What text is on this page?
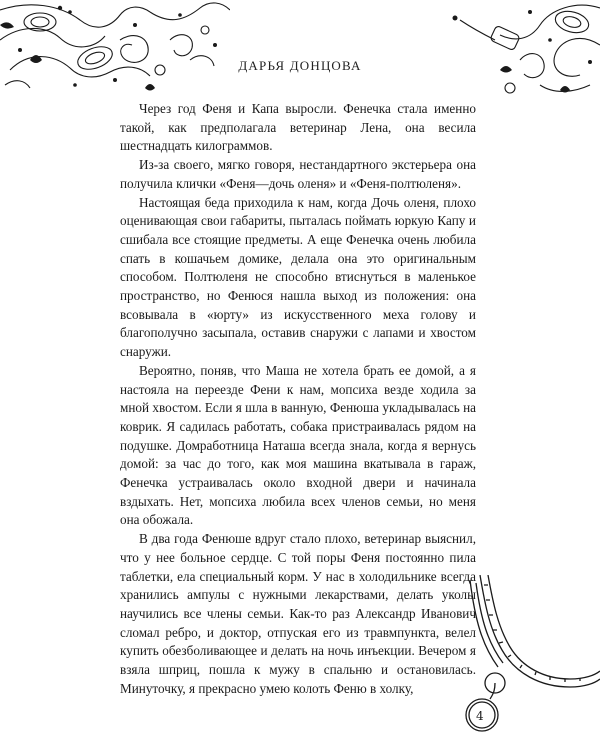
ДАРЬЯ ДОНЦОВА

Через год Феня и Капа выросли. Фенечка стала именно такой, как предполагала ветеринар Лена, она весила шестнадцать килограммов.

Из-за своего, мягко говоря, нестандартного экстерьера она получила клички «Феня—дочь оленя» и «Феня-полтюленя».

Настоящая беда приходила к нам, когда Дочь оленя, плохо оценивающая свои габариты, пыталась поймать юркую Капу и сшибала все стоящие предметы. А еще Фенечка очень любила спать в кошачьем домике, делала она это оригинальным способом. Полтюленя не способно втиснуться в маленькое пространство, но Фенюся нашла выход из положения: она всовывала в «юрту» из искусственного меха голову и благополучно засыпала, оставив снаружи с лапами и хвостом снаружи.

Вероятно, поняв, что Маша не хотела брать ее домой, а я настояла на переезде Фени к нам, мопсиха везде ходила за мной хвостом. Если я шла в ванную, Фенюша укладывалась на коврик. Я садилась работать, собака пристраивалась рядом на подушке. Домработница Наташа всегда знала, когда я вернусь домой: за час до того, как моя машина вкатывала в гараж, Фенечка устраивалась около входной двери и начинала вздыхать. Нет, мопсиха любила всех членов семьи, но меня она обожала.

В два года Фенюше вдруг стало плохо, ветеринар выяснил, что у нее больное сердце. С той поры Феня постоянно пила таблетки, ела специальный корм. У нас в холодильнике всегда хранились ампулы с нужными лекарствами, делать уколы научились все члены семьи. Как-то раз Александр Иванович сломал ребро, и доктор, отпуская его из травмпункта, велел купить обезболивающее и делать на ночь инъекции. Вечером я взяла шприц, пошла к мужу в спальню и остановилась. Минуточку, я прекрасно умею колоть Феню в холку,

4
